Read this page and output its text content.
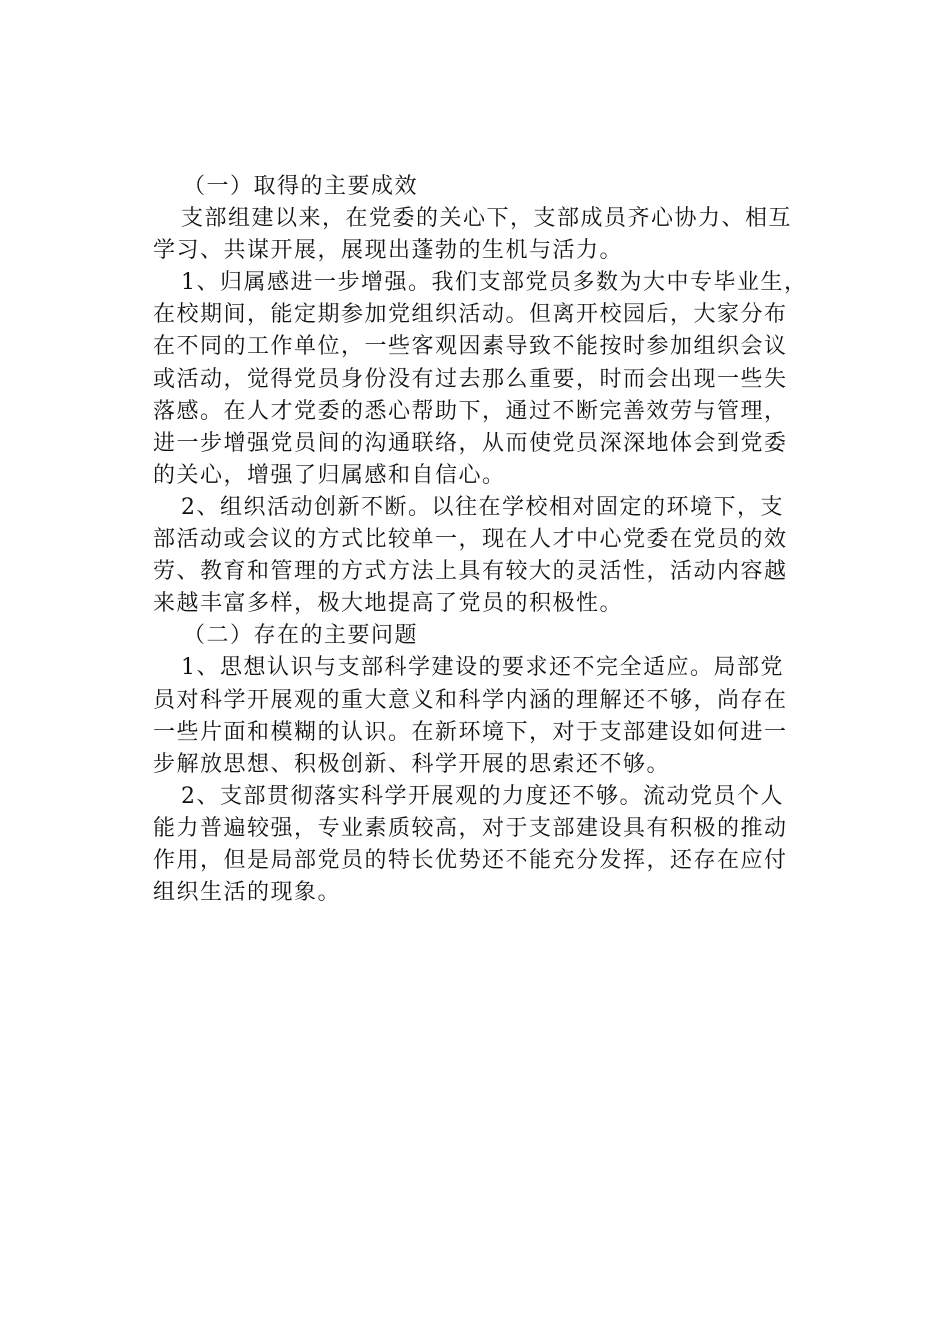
（一）取得的主要成效

支部组建以来，在党委的关心下，支部成员齐心协力、相互
学习、共谋开展，展现出蓬勃的生机与活力。
1、归属感进一步增强。我们支部党员多数为大中专毕业生，
在校期间，能定期参加党组织活动。但离开校园后，大家分布
在不同的工作单位，一些客观因素导致不能按时参加组织会议
或活动，觉得党员身份没有过去那么重要，时而会出现一些失
落感。在人才党委的悉心帮助下，通过不断完善效劳与管理，
进一步增强党员间的沟通联络，从而使党员深深地体会到党委
的关心，增强了归属感和自信心。
2、组织活动创新不断。以往在学校相对固定的环境下，支
部活动或会议的方式比较单一，现在人才中心党委在党员的效
劳、教育和管理的方式方法上具有较大的灵活性，活动内容越
来越丰富多样，极大地提高了党员的积极性。

（二）存在的主要问题

1、思想认识与支部科学建设的要求还不完全适应。局部党
员对科学开展观的重大意义和科学内涵的理解还不够，尚存在
一些片面和模糊的认识。在新环境下，对于支部建设如何进一
步解放思想、积极创新、科学开展的思索还不够。
2、支部贯彻落实科学开展观的力度还不够。流动党员个人
能力普遍较强，专业素质较高，对于支部建设具有积极的推动
作用，但是局部党员的特长优势还不能充分发挥，还存在应付
组织生活的现象。
